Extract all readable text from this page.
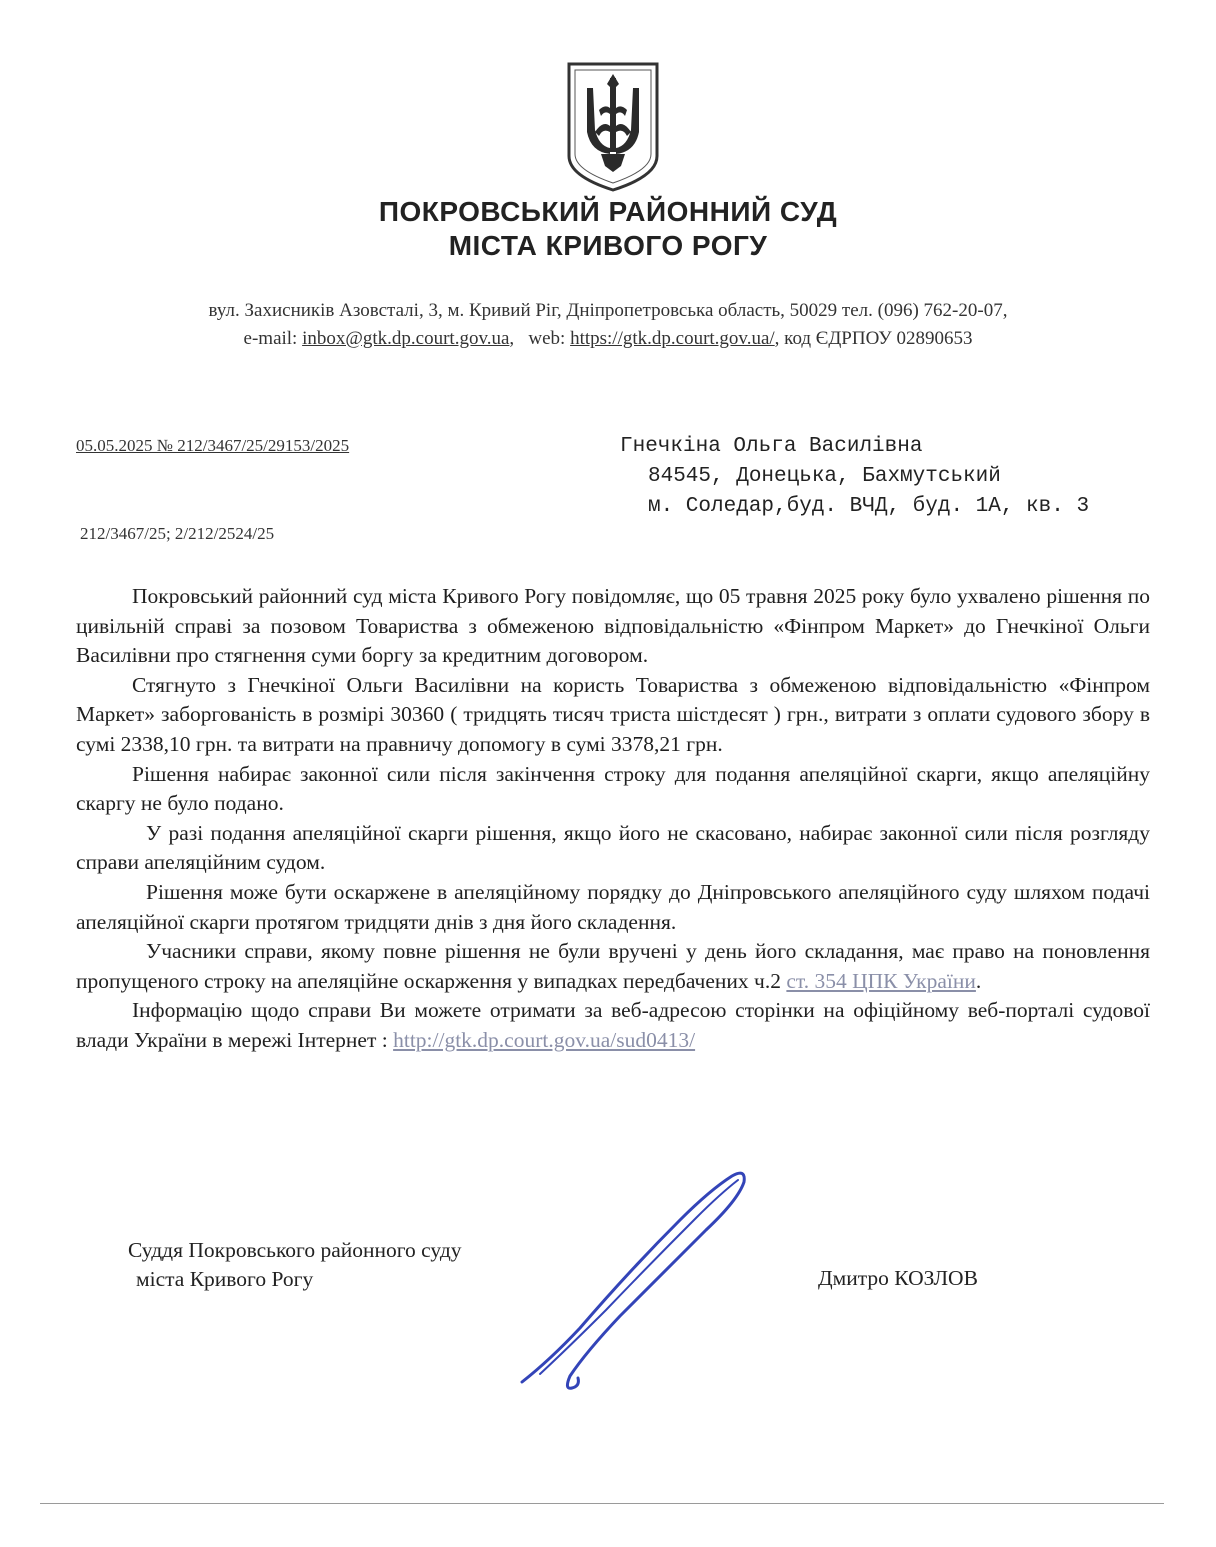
ПОКРОВСЬКИЙ РАЙОННИЙ СУД
МІСТА КРИВОГО РОГУ
вул. Захисників Азовсталі, 3, м. Кривий Ріг, Дніпропетровська область, 50029 тел. (096) 762-20-07,
e-mail: inbox@gtk.dp.court.gov.ua,   web: https://gtk.dp.court.gov.ua/, код ЄДРПОУ 02890653
05.05.2025 № 212/3467/25/29153/2025
212/3467/25; 2/212/2524/25
Гнечкіна Ольга Василівна
84545, Донецька, Бахмутський
м. Соледар,буд. ВЧД, буд. 1А, кв. 3

Покровський районний суд міста Кривого Рогу повідомляє, що 05 травня 2025 року було ухвалено рішення по цивільній справі за позовом Товариства з обмеженою відповідальністю «Фінпром Маркет» до Гнечкіної Ольги Василівни про стягнення суми боргу за кредитним договором.

Стягнуто з Гнечкіної Ольги Василівни на користь Товариства з обмеженою відповідальністю «Фінпром Маркет» заборгованість в розмірі 30360 ( тридцять тисяч триста шістдесят ) грн., витрати з оплати судового збору в сумі 2338,10 грн. та витрати на правничу допомогу в сумі 3378,21 грн.

Рішення набирає законної сили після закінчення строку для подання апеляційної скарги, якщо апеляційну скаргу не було подано.

У разі подання апеляційної скарги рішення, якщо його не скасовано, набирає законної сили після розгляду справи апеляційним судом.

Рішення може бути оскаржене в апеляційному порядку до Дніпровського апеляційного суду шляхом подачі апеляційної скарги протягом тридцяти днів з дня його складення.

Учасники справи, якому повне рішення не були вручені у день його складання, має право на поновлення пропущеного строку на апеляційне оскарження у випадках передбачених ч.2 ст. 354 ЦПК України.

Інформацію щодо справи Ви можете отримати за веб-адресою сторінки на офіційному веб-порталі судової влади України в мережі Інтернет : http://gtk.dp.court.gov.ua/sud0413/

Суддя Покровського районного суду
міста Кривого Рогу	Дмитро КОЗЛОВ
